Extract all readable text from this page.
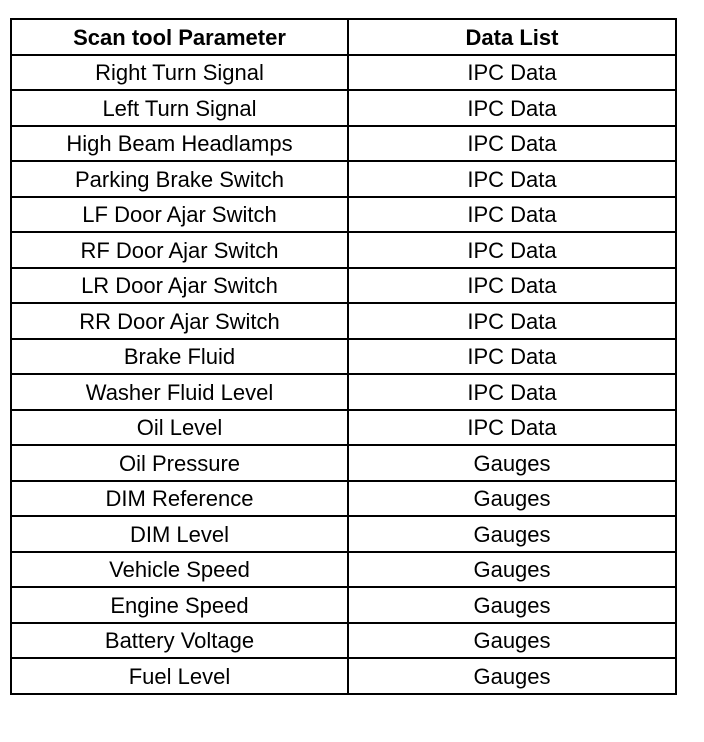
Scan tool Parameter	Data List
Right Turn Signal	IPC Data
Left Turn Signal	IPC Data
High Beam Headlamps	IPC Data
Parking Brake Switch	IPC Data
LF Door Ajar Switch	IPC Data
RF Door Ajar Switch	IPC Data
LR Door Ajar Switch	IPC Data
RR Door Ajar Switch	IPC Data
Brake Fluid	IPC Data
Washer Fluid Level	IPC Data
Oil Level	IPC Data
Oil Pressure	Gauges
DIM Reference	Gauges
DIM Level	Gauges
Vehicle Speed	Gauges
Engine Speed	Gauges
Battery Voltage	Gauges
Fuel Level	Gauges
